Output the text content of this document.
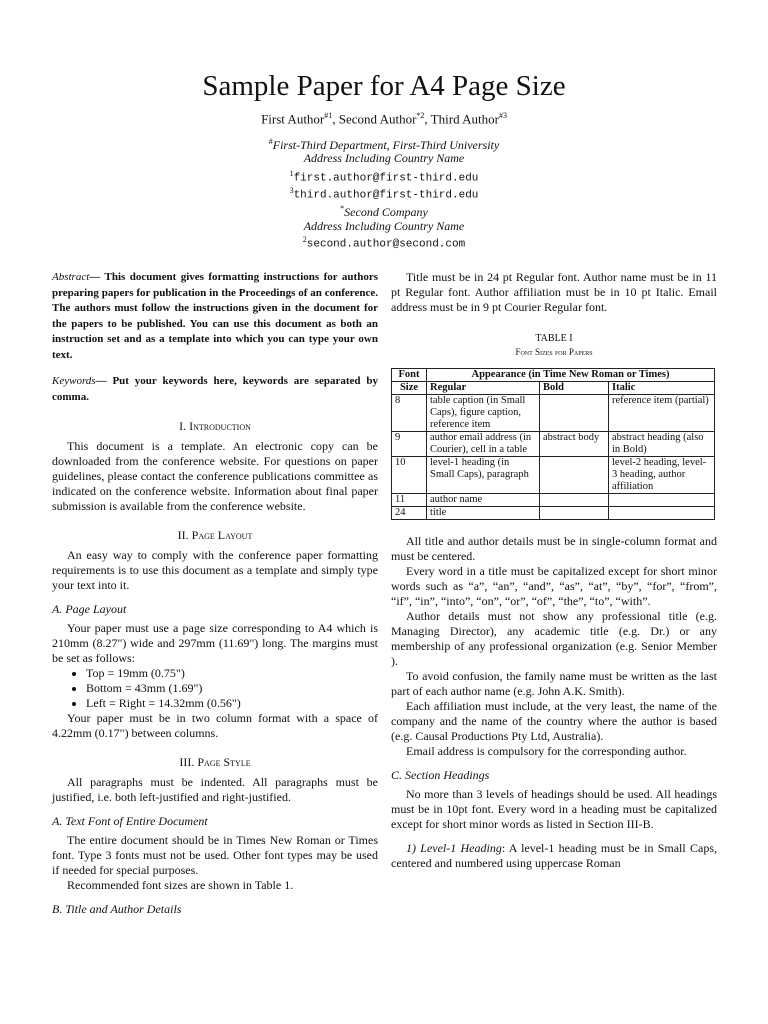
Sample Paper for A4 Page Size
First Author$^{\#1}$, Second Author$^{*2}$, Third Author$^{\#3}$
#First-Third Department, First-Third University
Address Including Country Name
$^1$first.author@first-third.edu
$^3$third.author@first-third.edu
*Second Company
Address Including Country Name
$^2$second.author@second.com
Abstract— This document gives formatting instructions for authors preparing papers for publication in the Proceedings of an conference. The authors must follow the instructions given in the document for the papers to be published. You can use this document as both an instruction set and as a template into which you can type your own text.
Keywords— Put your keywords here, keywords are separated by comma.
I. Introduction

This document is a template. An electronic copy can be downloaded from the conference website. For questions on paper guidelines, please contact the conference publications committee as indicated on the conference website. Information about final paper submission is available from the conference website.

II. Page Layout

An easy way to comply with the conference paper formatting requirements is to use this document as a template and simply type your text into it.

A. Page Layout

Your paper must use a page size corresponding to A4 which is 210mm (8.27") wide and 297mm (11.69") long. The margins must be set as follows:

• Top = 19mm (0.75")
• Bottom = 43mm (1.69")
• Left = Right = 14.32mm (0.56")

Your paper must be in two column format with a space of 4.22mm (0.17") between columns.

III. Page Style

All paragraphs must be indented. All paragraphs must be justified, i.e. both left-justified and right-justified.

A. Text Font of Entire Document

The entire document should be in Times New Roman or Times font. Type 3 fonts must not be used. Other font types may be used if needed for special purposes.

Recommended font sizes are shown in Table 1.

B. Title and Author Details

Title must be in 24 pt Regular font. Author name must be in 11 pt Regular font. Author affiliation must be in 10 pt Italic. Email address must be in 9 pt Courier Regular font.

TABLE I
Font Sizes for Papers
Font	Appearance (in Time New Roman or Times)		
Size	Regular	Bold	Italic
8	table caption (in Small Caps), figure caption, reference item		reference item (partial)
9	author email address (in Courier), cell in a table	abstract body	abstract heading (also in Bold)
10	level-1 heading (in Small Caps), paragraph		level-2 heading, level-3 heading, author affiliation
11	author name		
24	title		

All title and author details must be in single-column format and must be centered.

Every word in a title must be capitalized except for short minor words such as “a”, “an”, “and”, “as”, “at”, “by”, “for”, “from”, “if”, “in”, “into”, “on”, “or”, “of”, “the”, “to”, “with”.

Author details must not show any professional title (e.g. Managing Director), any academic title (e.g. Dr.) or any membership of any professional organization (e.g. Senior Member ).

To avoid confusion, the family name must be written as the last part of each author name (e.g. John A.K. Smith).

Each affiliation must include, at the very least, the name of the company and the name of the country where the author is based (e.g. Causal Productions Pty Ltd, Australia).

Email address is compulsory for the corresponding author.

C. Section Headings

No more than 3 levels of headings should be used. All headings must be in 10pt font. Every word in a heading must be capitalized except for short minor words as listed in Section III-B.

1) Level-1 Heading: A level-1 heading must be in Small Caps, centered and numbered using uppercase Roman
